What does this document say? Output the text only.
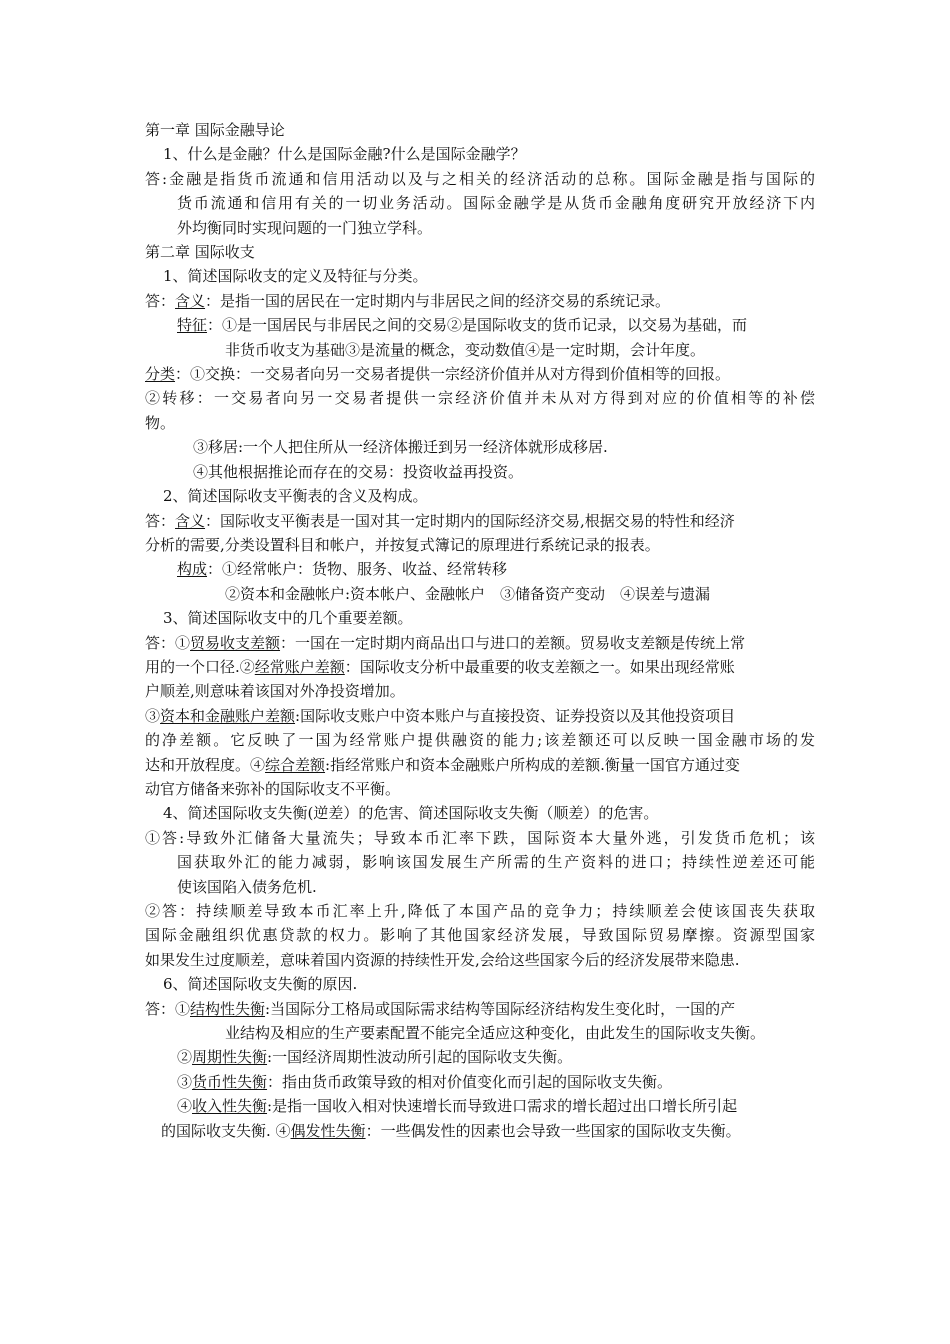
第一章 国际金融导论
1、什么是金融？什么是国际金融?什么是国际金融学？
答:金融是指货币流通和信用活动以及与之相关的经济活动的总称。国际金融是指与国际的
货币流通和信用有关的一切业务活动。国际金融学是从货币金融角度研究开放经济下内
外均衡同时实现问题的一门独立学科。
第二章 国际收支
1、简述国际收支的定义及特征与分类。
答：含义：是指一国的居民在一定时期内与非居民之间的经济交易的系统记录。
特征：①是一国居民与非居民之间的交易②是国际收支的货币记录，以交易为基础，而
非货币收支为基础③是流量的概念，变动数值④是一定时期，会计年度。
分类：①交换：一交易者向另一交易者提供一宗经济价值并从对方得到价值相等的回报。
②转移：一交易者向另一交易者提供一宗经济价值并未从对方得到对应的价值相等的补偿
物。
③移居:一个人把住所从一经济体搬迁到另一经济体就形成移居.
④其他根据推论而存在的交易：投资收益再投资。
2、简述国际收支平衡表的含义及构成。
答：含义：国际收支平衡表是一国对其一定时期内的国际经济交易,根据交易的特性和经济
分析的需要,分类设置科目和帐户，并按复式簿记的原理进行系统记录的报表。
构成：①经常帐户：货物、服务、收益、经常转移
②资本和金融帐户:资本帐户、金融帐户　③储备资产变动　④误差与遗漏
3、简述国际收支中的几个重要差额。
答：①贸易收支差额：一国在一定时期内商品出口与进口的差额。贸易收支差额是传统上常
用的一个口径.②经常账户差额：国际收支分析中最重要的收支差额之一。如果出现经常账
户顺差,则意味着该国对外净投资增加。
③资本和金融账户差额:国际收支账户中资本账户与直接投资、证券投资以及其他投资项目
的净差额。它反映了一国为经常账户提供融资的能力;该差额还可以反映一国金融市场的发
达和开放程度。④综合差额:指经常账户和资本金融账户所构成的差额.衡量一国官方通过变
动官方储备来弥补的国际收支不平衡。
4、简述国际收支失衡(逆差）的危害、简述国际收支失衡（顺差）的危害。
①答:导致外汇储备大量流失；导致本币汇率下跌，国际资本大量外逃，引发货币危机；该
国获取外汇的能力减弱，影响该国发展生产所需的生产资料的进口；持续性逆差还可能
使该国陷入债务危机.
②答：持续顺差导致本币汇率上升,降低了本国产品的竞争力；持续顺差会使该国丧失获取
国际金融组织优惠贷款的权力。影响了其他国家经济发展，导致国际贸易摩擦。资源型国家
如果发生过度顺差，意味着国内资源的持续性开发,会给这些国家今后的经济发展带来隐患.
6、简述国际收支失衡的原因.
答：①结构性失衡:当国际分工格局或国际需求结构等国际经济结构发生变化时，一国的产
业结构及相应的生产要素配置不能完全适应这种变化，由此发生的国际收支失衡。
②周期性失衡:一国经济周期性波动所引起的国际收支失衡。
③货币性失衡：指由货币政策导致的相对价值变化而引起的国际收支失衡。
④收入性失衡:是指一国收入相对快速增长而导致进口需求的增长超过出口增长所引起
的国际收支失衡. ④偶发性失衡：一些偶发性的因素也会导致一些国家的国际收支失衡。
